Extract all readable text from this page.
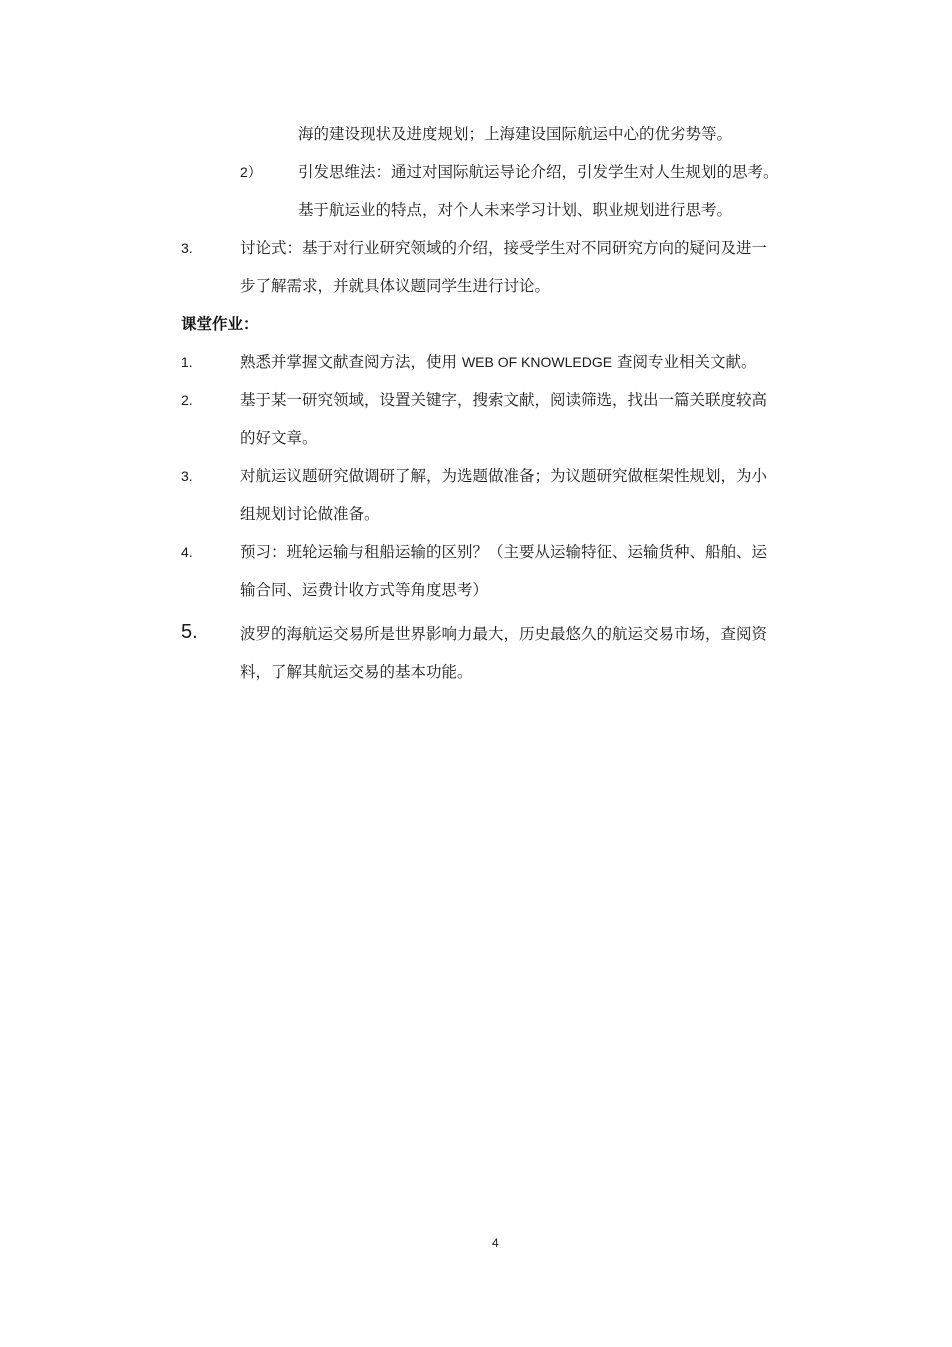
海的建设现状及进度规划；上海建设国际航运中心的优劣势等。
2） 引发思维法：通过对国际航运导论介绍，引发学生对人生规划的思考。
基于航运业的特点，对个人未来学习计划、职业规划进行思考。
3.	讨论式：基于对行业研究领域的介绍，接受学生对不同研究方向的疑问及进一
步了解需求，并就具体议题同学生进行讨论。
课堂作业：
1.	熟悉并掌握文献查阅方法，使用 WEB OF KNOWLEDGE 查阅专业相关文献。
2.	基于某一研究领域，设置关键字，搜索文献，阅读筛选，找出一篇关联度较高
的好文章。
3.	对航运议题研究做调研了解，为选题做准备；为议题研究做框架性规划，为小
组规划讨论做准备。
4.	预习：班轮运输与租船运输的区别？（主要从运输特征、运输货种、船舶、运
输合同、运费计收方式等角度思考）
5.	波罗的海航运交易所是世界影响力最大，历史最悠久的航运交易市场，查阅资
料，了解其航运交易的基本功能。
4
